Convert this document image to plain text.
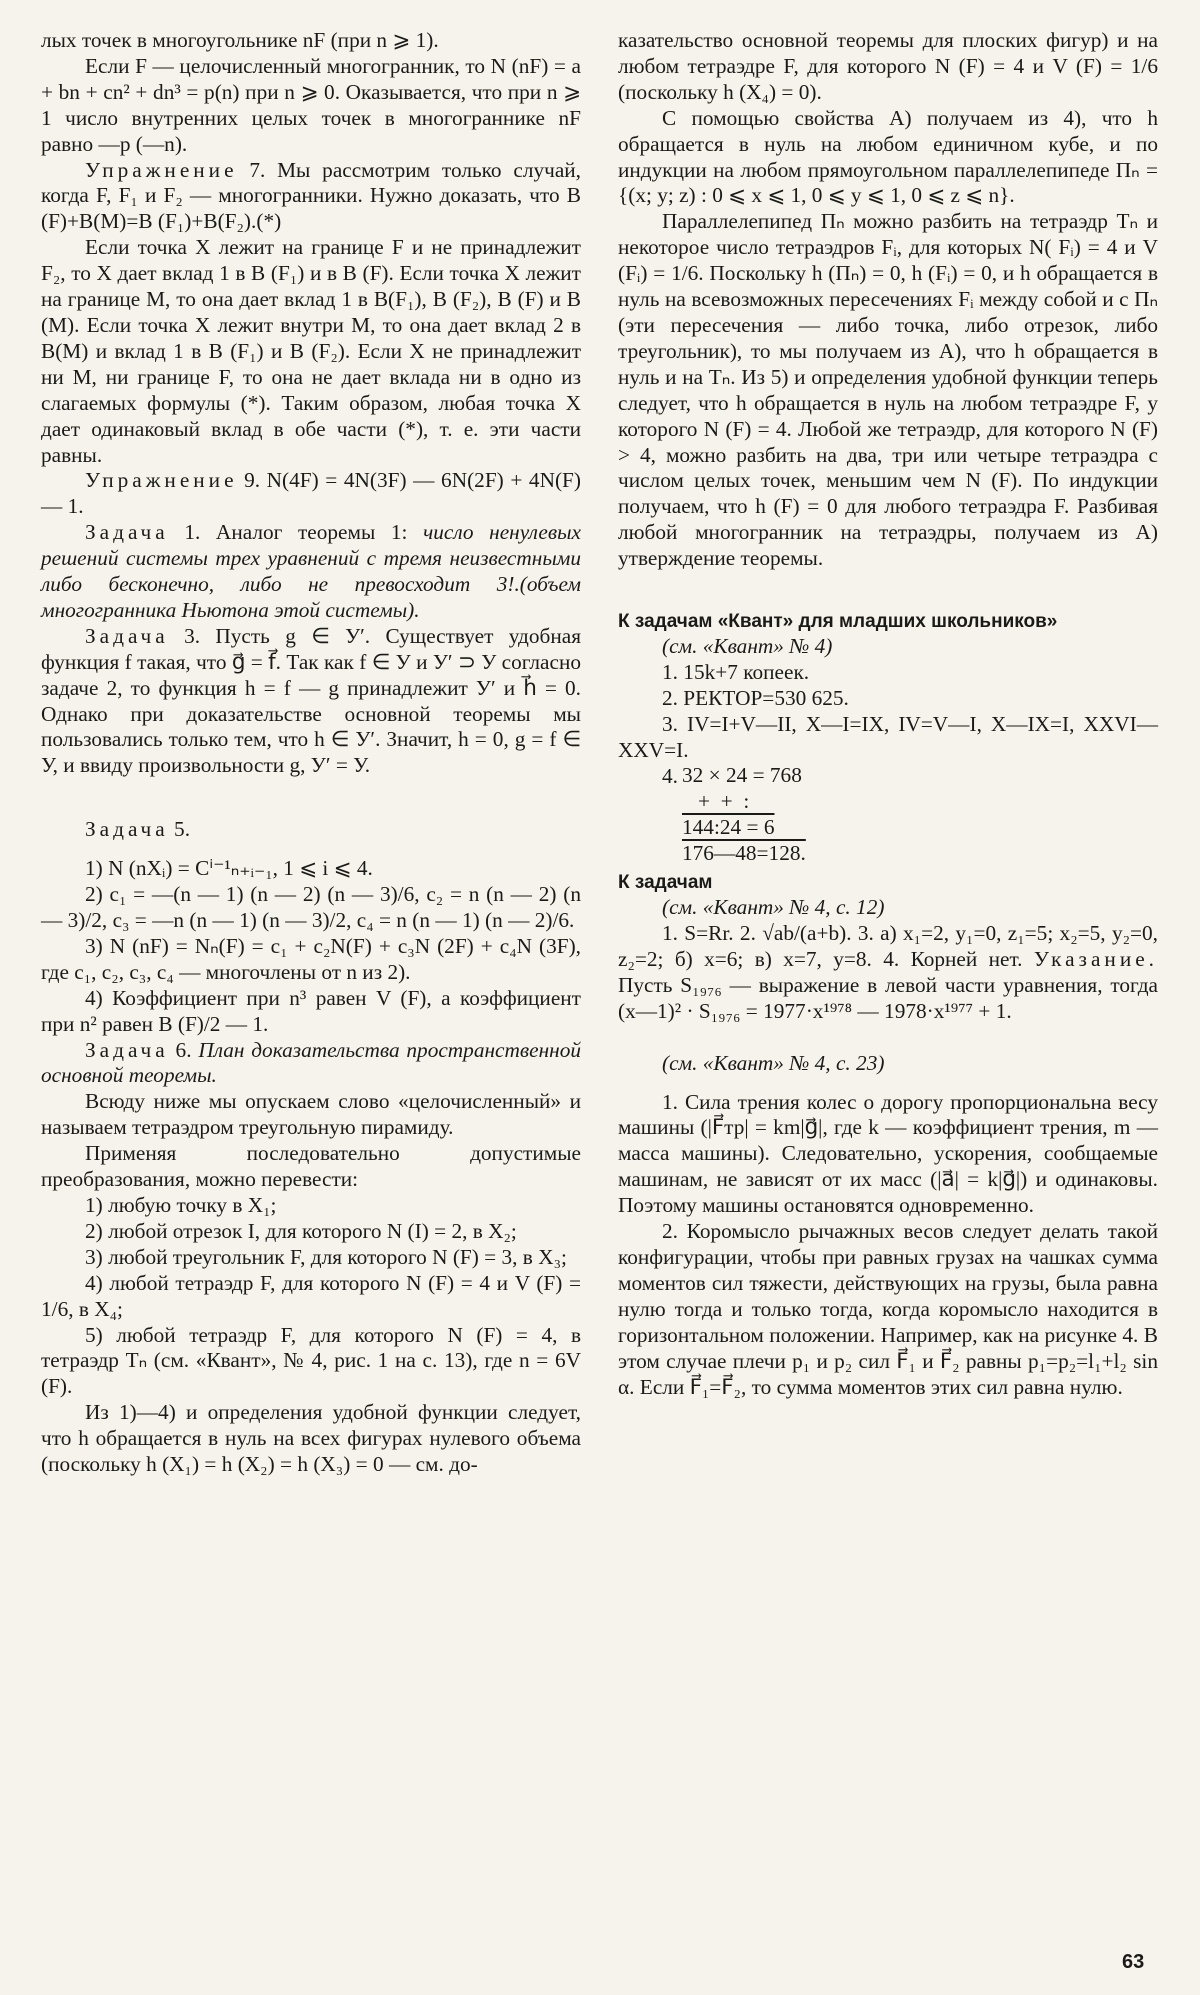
лых точек в многоугольнике nF (при n ⩾ 1).

Если F — целочисленный многогранник, то N (nF) = a + bn + cn² + dn³ = p(n) при n ⩾ 0. Оказывается, что при n ⩾ 1 число внутренних целых точек в многограннике nF равно —p (—n).

Упражнение 7. Мы рассмотрим только случай, когда F, F₁ и F₂ — многогранники. Нужно доказать, что B (F)+B(M)=B (F₁)+B(F₂).(*)

Если точка X лежит на границе F и не принадлежит F₂, то X дает вклад 1 в B (F₁) и в B (F). Если точка X лежит на границе M, то она дает вклад 1 в B(F₁), B (F₂), B (F) и B (M). Если точка X лежит внутри M, то она дает вклад 2 в B(M) и вклад 1 в B (F₁) и B (F₂). Если X не принадлежит ни M, ни границе F, то она не дает вклада ни в одно из слагаемых формулы (*). Таким образом, любая точка X дает одинаковый вклад в обе части (*), т. е. эти части равны.

Упражнение 9. N(4F) = 4N(3F) — 6N(2F) + 4N(F) — 1.

Задача 1. Аналог теоремы 1: число ненулевых решений системы трех уравнений с тремя неизвестными либо бесконечно, либо не превосходит 3!.(объем многогранника Ньютона этой системы).

Задача 3. Пусть g ∈ У′. Существует удобная функция f такая, что g⃗ = f⃗. Так как f ∈ У и У′ ⊃ У согласно задаче 2, то функция h = f — g принадлежит У′ и h⃗ = 0. Однако при доказательстве основной теоремы мы пользовались только тем, что h ∈ У′. Значит, h = 0, g = f ∈ У, и ввиду произвольности g, У′ = У.

Задача 5.

1) N (nXᵢ) = Cⁱ⁻¹ₙ₊ᵢ₋₁, 1 ⩽ i ⩽ 4.

2) c₁ = —(n — 1) (n — 2) (n — 3)/6, c₂ = n (n — 2) (n — 3)/2, c₃ = —n (n — 1) (n — 3)/2, c₄ = n (n — 1) (n — 2)/6.

3) N (nF) = Nₙ(F) = c₁ + c₂N(F) + c₃N (2F) + c₄N (3F), где c₁, c₂, c₃, c₄ — многочлены от n из 2).

4) Коэффициент при n³ равен V (F), а коэффициент при n² равен B (F)/2 — 1.

Задача 6. План доказательства пространственной основной теоремы.

Всюду ниже мы опускаем слово «целочисленный» и называем тетраэдром треугольную пирамиду.

Применяя последовательно допустимые преобразования, можно перевести:

1) любую точку в X₁;

2) любой отрезок I, для которого N (I) = 2, в X₂;

3) любой треугольник F, для которого N (F) = 3, в X₃;

4) любой тетраэдр F, для которого N (F) = 4 и V (F) = 1/6, в X₄;

5) любой тетраэдр F, для которого N (F) = 4, в тетраэдр Tₙ (см. «Квант», № 4, рис. 1 на с. 13), где n = 6V (F).

Из 1)—4) и определения удобной функции следует, что h обращается в нуль на всех фигурах нулевого объема (поскольку h (X₁) = h (X₂) = h (X₃) = 0 — см. до-

казательство основной теоремы для плоских фигур) и на любом тетраэдре F, для которого N (F) = 4 и V (F) = 1/6 (поскольку h (X₄) = 0).

С помощью свойства А) получаем из 4), что h обращается в нуль на любом единичном кубе, и по индукции на любом прямоугольном параллелепипеде Пₙ = {(x; y; z) : 0 ⩽ x ⩽ 1, 0 ⩽ y ⩽ 1, 0 ⩽ z ⩽ n}.

Параллелепипед Пₙ можно разбить на тетраэдр Tₙ и некоторое число тетраэдров Fᵢ, для которых N( Fᵢ) = 4 и V (Fᵢ) = 1/6. Поскольку h (Пₙ) = 0, h (Fᵢ) = 0, и h обращается в нуль на всевозможных пересечениях Fᵢ между собой и с Пₙ (эти пересечения — либо точка, либо отрезок, либо треугольник), то мы получаем из А), что h обращается в нуль и на Tₙ. Из 5) и определения удобной функции теперь следует, что h обращается в нуль на любом тетраэдре F, у которого N (F) = 4. Любой же тетраэдр, для которого N (F) > 4, можно разбить на два, три или четыре тетраэдра с числом целых точек, меньшим чем N (F). По индукции получаем, что h (F) = 0 для любого тетраэдра F. Разбивая любой многогранник на тетраэдры, получаем из А) утверждение теоремы.

К задачам «Квант» для младших школьников»

(см. «Квант» № 4)

1. 15k+7 копеек.

2. РЕКТОР=530 625.

3. IV=I+V—II, X—I=IX, IV=V—I, X—IX=I, XXVI—XXV=I.

4. 32 × 24 = 768
+  +  :
144:24 = 6
176—48=128.
К задачам

(см. «Квант» № 4, с. 12)

1. S=Rr. 2. √ab/(a+b). 3. а) x₁=2, y₁=0, z₁=5; x₂=5, y₂=0, z₂=2; б) x=6; в) x=7, y=8. 4. Корней нет. Указание. Пусть S₁₉₇₆ — выражение в левой части уравнения, тогда (x—1)² · S₁₉₇₆ = 1977·x¹⁹⁷⁸ — 1978·x¹⁹⁷⁷ + 1.

(см. «Квант» № 4, с. 23)

1. Сила трения колес о дорогу пропорциональна весу машины (|F⃗тр| = km|g⃗|, где k — коэффициент трения, m — масса машины). Следовательно, ускорения, сообщаемые машинам, не зависят от их масс (|a⃗| = k|g⃗|) и одинаковы. Поэтому машины остановятся одновременно.

2. Коромысло рычажных весов следует делать такой конфигурации, чтобы при равных грузах на чашках сумма моментов сил тяжести, действующих на грузы, была равна нулю тогда и только тогда, когда коромысло находится в горизонтальном положении. Например, как на рисунке 4. В этом случае плечи p₁ и p₂ сил F⃗₁ и F⃗₂ равны p₁=p₂=l₁+l₂ sin α. Если F⃗₁=F⃗₂, то сумма моментов этих сил равна нулю.

63
